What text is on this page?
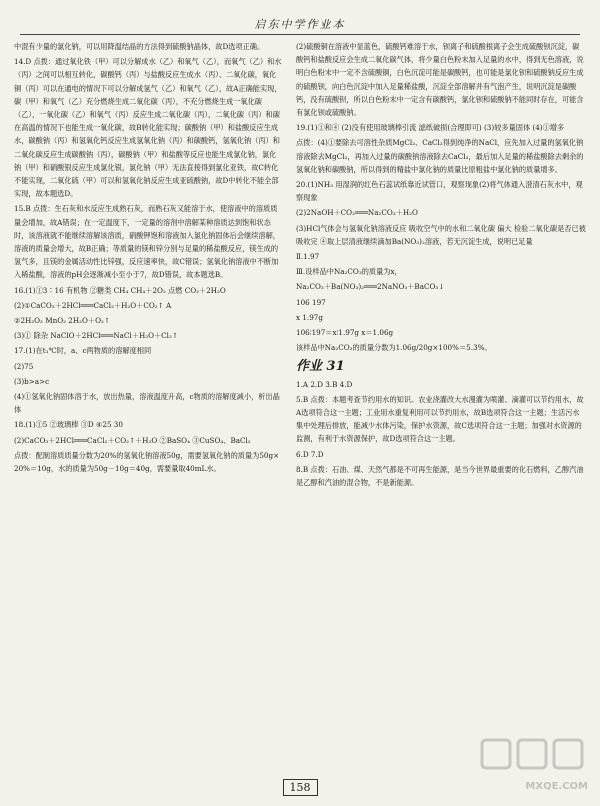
启东中学作业本

中混有少量的氯化钠，可以用降温结晶的方法得到硫酸钠晶体，故D选项正确。

14.D 点拨：通过氧化铁（甲）可以分解成水（乙）和氧气（乙），而氧气（乙）和水（丙）之间可以相互转化，碳酸钙（丙）与盐酸反应生成水（丙）、二氧化碳，氧化铜（丙）可以在通电的情况下可以分解成氢气（乙）和氧气（乙），故A正确能实现，碳（甲）和氧气（乙）充分燃烧生成二氧化碳（丙），不充分燃烧生成一氧化碳（乙），一氧化碳（乙）和氧气（丙）反应生成二氧化碳（丙），二氧化碳（丙）和碳在高温的情况下也能生成一氧化碳，故B转化能实现；碳酸钠（甲）和盐酸反应生成水，碳酸钠（丙）和氢氧化钙反应生成氢氧化钠（丙）和碳酸钙，氢氧化钠（丙）和二氧化碳反应生成碳酸钠（丙），碳酸钠（甲）和盐酸等反应也能生成氯化钠，氯化钠（甲）和硝酸银反应生成氯化银，氯化钠（甲）无法直接得到氯化亚铁，故C转化不能实现，二氧化硫（甲）可以和氢氧化钠反应生成亚硫酸钠，故D中转化不能全部实现，故本题选D。

15.B 点拨：生石灰和水反应生成熟石灰，而熟石灰又能溶于水，使溶液中的溶质质量会增加，故A错误；在一定温度下，一定量的溶剂中溶解某种溶质达到饱和状态时，该溶液就不能继续溶解该溶质，硝酸钾饱和溶液加入氯化钠固体后会继续溶解，溶液的质量会增大，故B正确；等质量的镁和锌分别与足量的稀盐酸反应，镁生成的氢气多，且镁的金属活动性比锌强，反应速率快，故C错误；氢氧化钠溶液中不断加入稀盐酸，溶液的pH会逐渐减小至小于7，故D错误，故本题选B。

16.(1)①3∶16 有机物 ②糖类 CH₄ CH₄＋2O₂ 点燃 CO₂＋2H₂O

(2)①CaCO₃＋2HCl═══CaCl₂＋H₂O＋CO₂↑ A

②2H₂O₂ MnO₂ 2H₂O＋O₂↑

(3)① 除杂 NaClO＋2HCl═══NaCl＋H₂O＋Cl₂↑

17.(1)在t₁℃时，a、c两物质的溶解度相同

(2)75

(3)b>a>c

(4)①氢氧化钠固体溶于水，放出热量，溶液温度升高，c物质的溶解度减小，析出晶体

18.(1)①5 ②玻璃棒 ③D ④25 30

(2)CaCO₃＋2HCl═══CaCl₂＋CO₂↑＋H₂O ②BaSO₄ ③CuSO₄、BaCl₂

点拨：配制溶质质量分数为20%的氢氧化钠溶液50g，需要氢氧化钠的质量为50g×20%＝10g，水的质量为50g－10g＝40g，需要量取40mL水。

(2)硫酸铜在溶液中显蓝色，硫酸钙难溶于水，钡离子和硫酸根离子会生成硫酸钡沉淀，碳酸钙和盐酸反应会生成二氧化碳气体，将少量白色粉末加入足量的水中，得到无色溶液，说明白色粉末中一定不含硫酸铜，白色沉淀可能是碳酸钙，也可能是氯化钡和硫酸钠反应生成的硫酸钡，向白色沉淀中加入足量稀盐酸，沉淀全部溶解并有气泡产生，说明沉淀是碳酸钙，没有硫酸钡，所以白色粉末中一定含有碳酸钙，氯化钡和硫酸钠不能同时存在，可能含有氯化钡或硫酸钠。

19.(1)①和④ (2)没有使用玻璃棒引流 滤纸破损(合理即可) (3)较多量固体 (4)①增多

点拨：(4)①要除去可溶性杂质MgCl₂、CaCl₂得到纯净的NaCl，应先加入过量的氢氧化钠溶液除去MgCl₂，再加入过量的碳酸钠溶液除去CaCl₂，最后加入足量的稀盐酸除去剩余的氢氧化钠和碳酸钠，所以得到的精盐中氯化钠的质量比原粗盐中氯化钠的质量增多。

20.(1)NH₃ 用湿润的红色石蕊试纸靠近试管口，观察现象(2)将气体通入澄清石灰水中，观察现象

(2)2NaOH＋CO₂═══Na₂CO₃＋H₂O

(3)HCl气体会与氢氧化钠溶液反应 吸收空气中的水和二氧化碳 偏大 检验二氧化碳是否已被吸收完 ④取上层清液继续滴加Ba(NO₃)₂溶液，若无沉淀生成，说明已足量

Ⅱ.1.97

Ⅲ.设样品中Na₂CO₃的质量为x，

Na₂CO₃＋Ba(NO₃)₂═══2NaNO₃＋BaCO₃↓

106 197

x 1.97g

106∶197＝x∶1.97g x＝1.06g

该样品中Na₂CO₃的质量分数为1.06g/20g×100%＝5.3%。

作业 31

1.A 2.D 3.B 4.D

5.B 点拨：本题考查节约用水的知识。农业浇灌改大水漫灌为喷灌、滴灌可以节约用水，故A选项符合这一主题；工业用水重复利用可以节约用水，故B选项符合这一主题；生活污水集中处理后排放，能减少水体污染，保护水资源，故C选项符合这一主题；加强对水资源的监测，有利于水资源保护，故D选项符合这一主题。

6.D 7.D

8.B 点拨：石油、煤、天然气都是不可再生能源，是当今世界最重要的化石燃料，乙醇汽油是乙醇和汽油的混合物，不是新能源。

158	MXQE.COM
